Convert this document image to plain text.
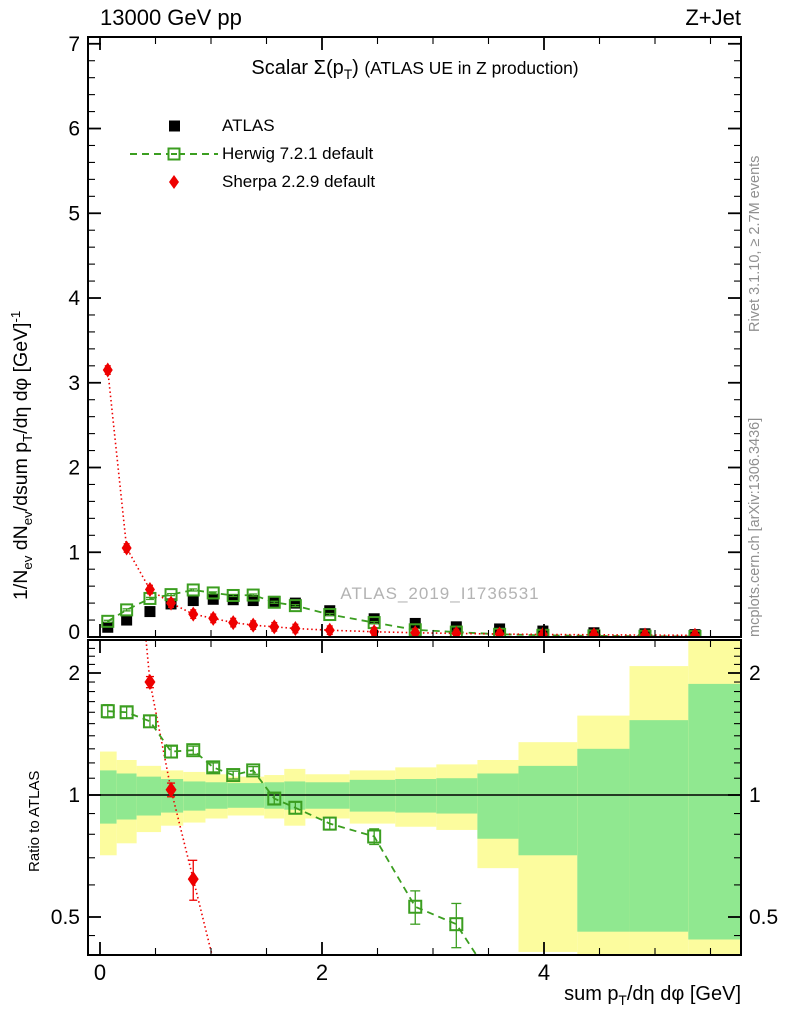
ATLAS_2019_I1736531
0
1
2
3
4
5
6
7
0	2	4
0.5	0.5
1	1
2	2
13000 GeV pp	Z+Jet
Scalar $\Sigma(p_T)$ (ATLAS UE in Z production)
$1/N_{ev}$ $dN_{ev}$/dsum $p_T/d\eta$ dφ [GeV]$^{-1}$
sum $p_T/d\eta$ dφ [GeV]
Ratio to ATLAS
Rivet 3.1.10, ≥ 2.7M events
mcplots.cern.ch [arXiv:1306.3436]
ATLAS
Herwig 7.2.1 default
Sherpa 2.2.9 default
